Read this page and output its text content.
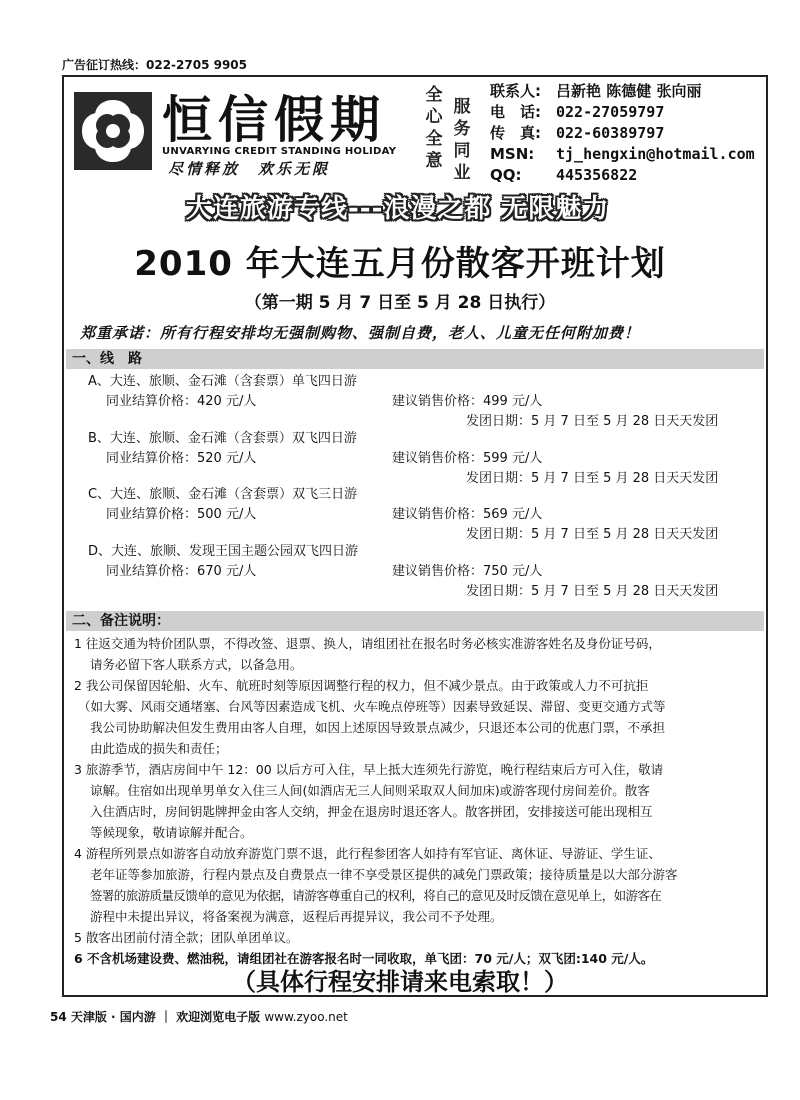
广告征订热线：022-2705 9905
恒信假期
UNVARYING CREDIT STANDING HOLIDAY
尽情释放　欢乐无限
全心全意
服务同业
联系人:	吕新艳 陈德健 张向丽
电　话:	022-27059797
传　真:	022-60389797
MSN:	tj_hengxin@hotmail.com
QQ:	445356822
大连旅游专线---浪漫之都 无限魅力
2010 年大连五月份散客开班计划
（第一期 5 月 7 日至 5 月 28 日执行）
郑重承诺：所有行程安排均无强制购物、强制自费，老人、儿童无任何附加费！
一、线　路
A、大连、旅顺、金石滩（含套票）单飞四日游
同业结算价格：420 元/人	建议销售价格：499 元/人
发团日期：5 月 7 日至 5 月 28 日天天发团
B、大连、旅顺、金石滩（含套票）双飞四日游
同业结算价格：520 元/人	建议销售价格：599 元/人
发团日期：5 月 7 日至 5 月 28 日天天发团
C、大连、旅顺、金石滩（含套票）双飞三日游
同业结算价格：500 元/人	建议销售价格：569 元/人
发团日期：5 月 7 日至 5 月 28 日天天发团
D、大连、旅顺、发现王国主题公园双飞四日游
同业结算价格：670 元/人	建议销售价格：750 元/人
发团日期：5 月 7 日至 5 月 28 日天天发团
二、备注说明：

1 往返交通为特价团队票，不得改签、退票、换人，请组团社在报名时务必核实准游客姓名及身份证号码，

请务必留下客人联系方式，以备急用。

2 我公司保留因轮船、火车、航班时刻等原因调整行程的权力，但不减少景点。由于政策或人力不可抗拒

（如大雾、风雨交通堵塞、台风等因素造成飞机、火车晚点停班等）因素导致延误、滞留、变更交通方式等

我公司协助解决但发生费用由客人自理，如因上述原因导致景点减少，只退还本公司的优惠门票，不承担

由此造成的损失和责任；

3 旅游季节，酒店房间中午 12：00 以后方可入住，早上抵大连须先行游览，晚行程结束后方可入住，敬请

谅解。住宿如出现单男单女入住三人间(如酒店无三人间则采取双人间加床)或游客现付房间差价。散客

入住酒店时，房间钥匙牌押金由客人交纳，押金在退房时退还客人。散客拼团，安排接送可能出现相互

等候现象，敬请谅解并配合。

4 游程所列景点如游客自动放弃游览门票不退，此行程参团客人如持有军官证、离休证、导游证、学生证、

老年证等参加旅游，行程内景点及自费景点一律不享受景区提供的减免门票政策；接待质量是以大部分游客

签署的旅游质量反馈单的意见为依据，请游客尊重自己的权利，将自己的意见及时反馈在意见单上，如游客在

游程中未提出异议，将备案视为满意，返程后再提异议，我公司不予处理。

5 散客出团前付清全款；团队单团单议。

6 不含机场建设费、燃油税，请组团社在游客报名时一同收取，单飞团：70 元/人；双飞团:140 元/人。

（具体行程安排请来电索取！）
54 天津版 · 国内游 ｜ 欢迎浏览电子版 www.zyoo.net
